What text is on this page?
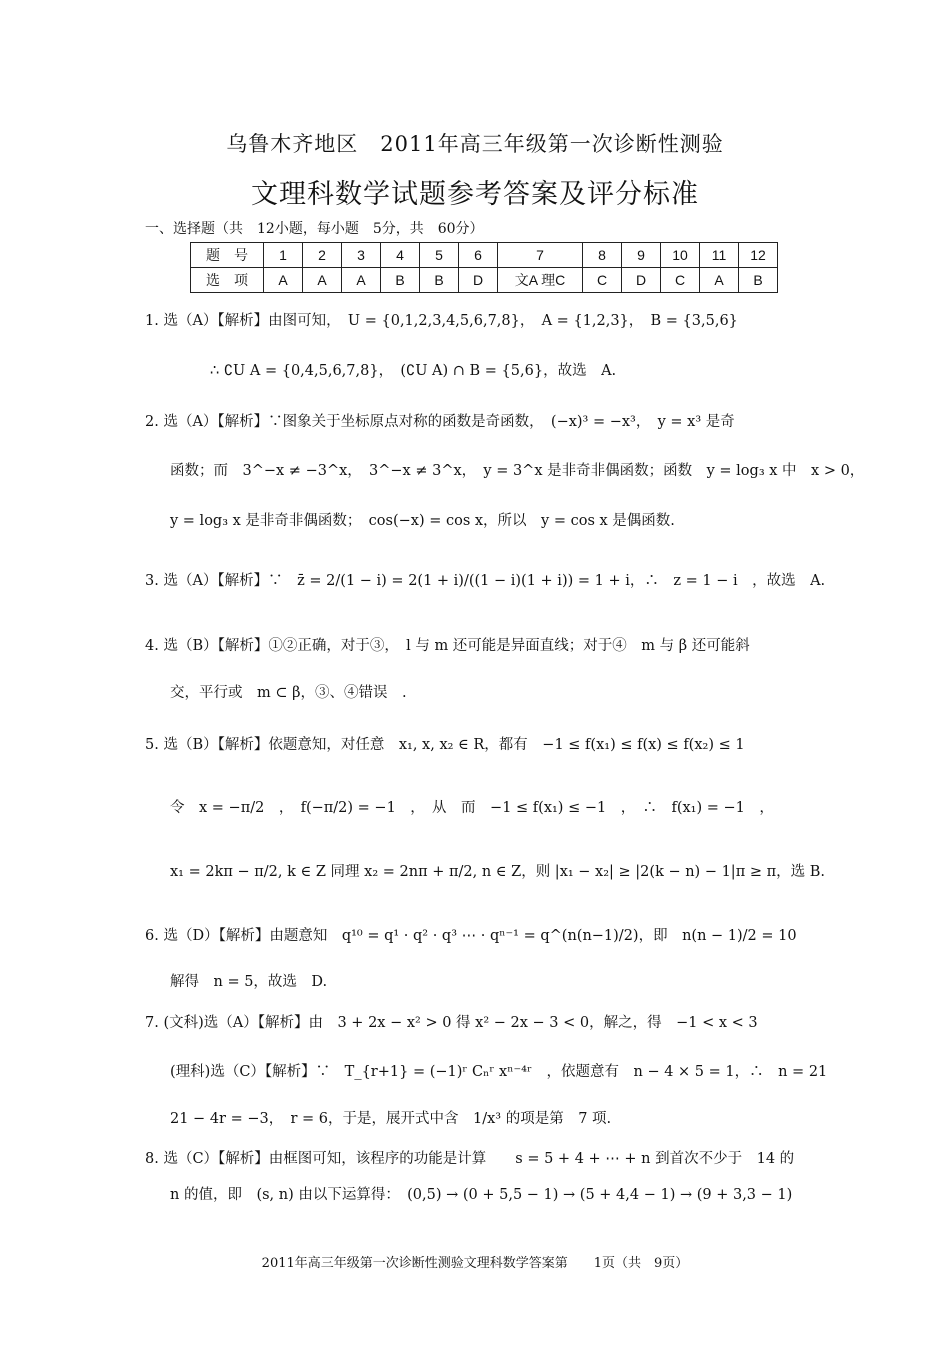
乌鲁木齐地区　2011年高三年级第一次诊断性测验
文理科数学试题参考答案及评分标准
一、选择题（共　12小题，每小题　5分，共　60分）
题　号	1	2	3	4	5	6	7	8	9	10	11	12
选　项	A	A	A	B	B	D	文A 理C	C	D	C	A	B
1. 选（A）【解析】由图可知，　U = {0,1,2,3,4,5,6,7,8}，　A = {1,2,3}，　B = {3,5,6}
∴ ∁U A = {0,4,5,6,7,8}，　(∁U A) ∩ B = {5,6}，故选　A.
2. 选（A）【解析】∵图象关于坐标原点对称的函数是奇函数，　(−x)³ = −x³，　y = x³ 是奇
函数；而　3^−x ≠ −3^x，　3^−x ≠ 3^x，　y = 3^x 是非奇非偶函数；函数　y = log₃ x 中　x > 0，
y = log₃ x 是非奇非偶函数；　cos(−x) = cos x，所以　y = cos x 是偶函数.
3. 选（A）【解析】∵　z̄ = 2/(1 − i) = 2(1 + i)/((1 − i)(1 + i)) = 1 + i，∴　z = 1 − i　，故选　A.
4. 选（B）【解析】①②正确，对于③，　l 与 m 还可能是异面直线；对于④　m 与 β 还可能斜
交，平行或　m ⊂ β，③、④错误　.
5. 选（B）【解析】依题意知，对任意　x₁, x, x₂ ∈ R，都有　−1 ≤ f(x₁) ≤ f(x) ≤ f(x₂) ≤ 1
令　x = −π/2　，　f(−π/2) = −1　，　从　而　−1 ≤ f(x₁) ≤ −1　，　∴　f(x₁) = −1　，
x₁ = 2kπ − π/2, k ∈ Z 同理 x₂ = 2nπ + π/2, n ∈ Z，则 |x₁ − x₂| ≥ |2(k − n) − 1|π ≥ π，选 B.
6. 选（D）【解析】由题意知　q¹⁰ = q¹ · q² · q³ ⋯ · qⁿ⁻¹ = q^(n(n−1)/2)，即　n(n − 1)/2 = 10
解得　n = 5，故选　D.
7. (文科)选（A）【解析】由　3 + 2x − x² > 0 得 x² − 2x − 3 < 0，解之，得　−1 < x < 3
(理科)选（C）【解析】∵　T_{r+1} = (−1)ʳ Cₙʳ xⁿ⁻⁴ʳ　，依题意有　n − 4 × 5 = 1，∴　n = 21
21 − 4r = −3，　r = 6，于是，展开式中含　1/x³ 的项是第　7 项.
8. 选（C）【解析】由框图可知，该程序的功能是计算　　s = 5 + 4 + ⋯ + n 到首次不少于　14 的
n 的值，即　(s, n) 由以下运算得：　(0,5) → (0 + 5,5 − 1) → (5 + 4,4 − 1) → (9 + 3,3 − 1)
2011年高三年级第一次诊断性测验文理科数学答案第　　1页（共　9页）
